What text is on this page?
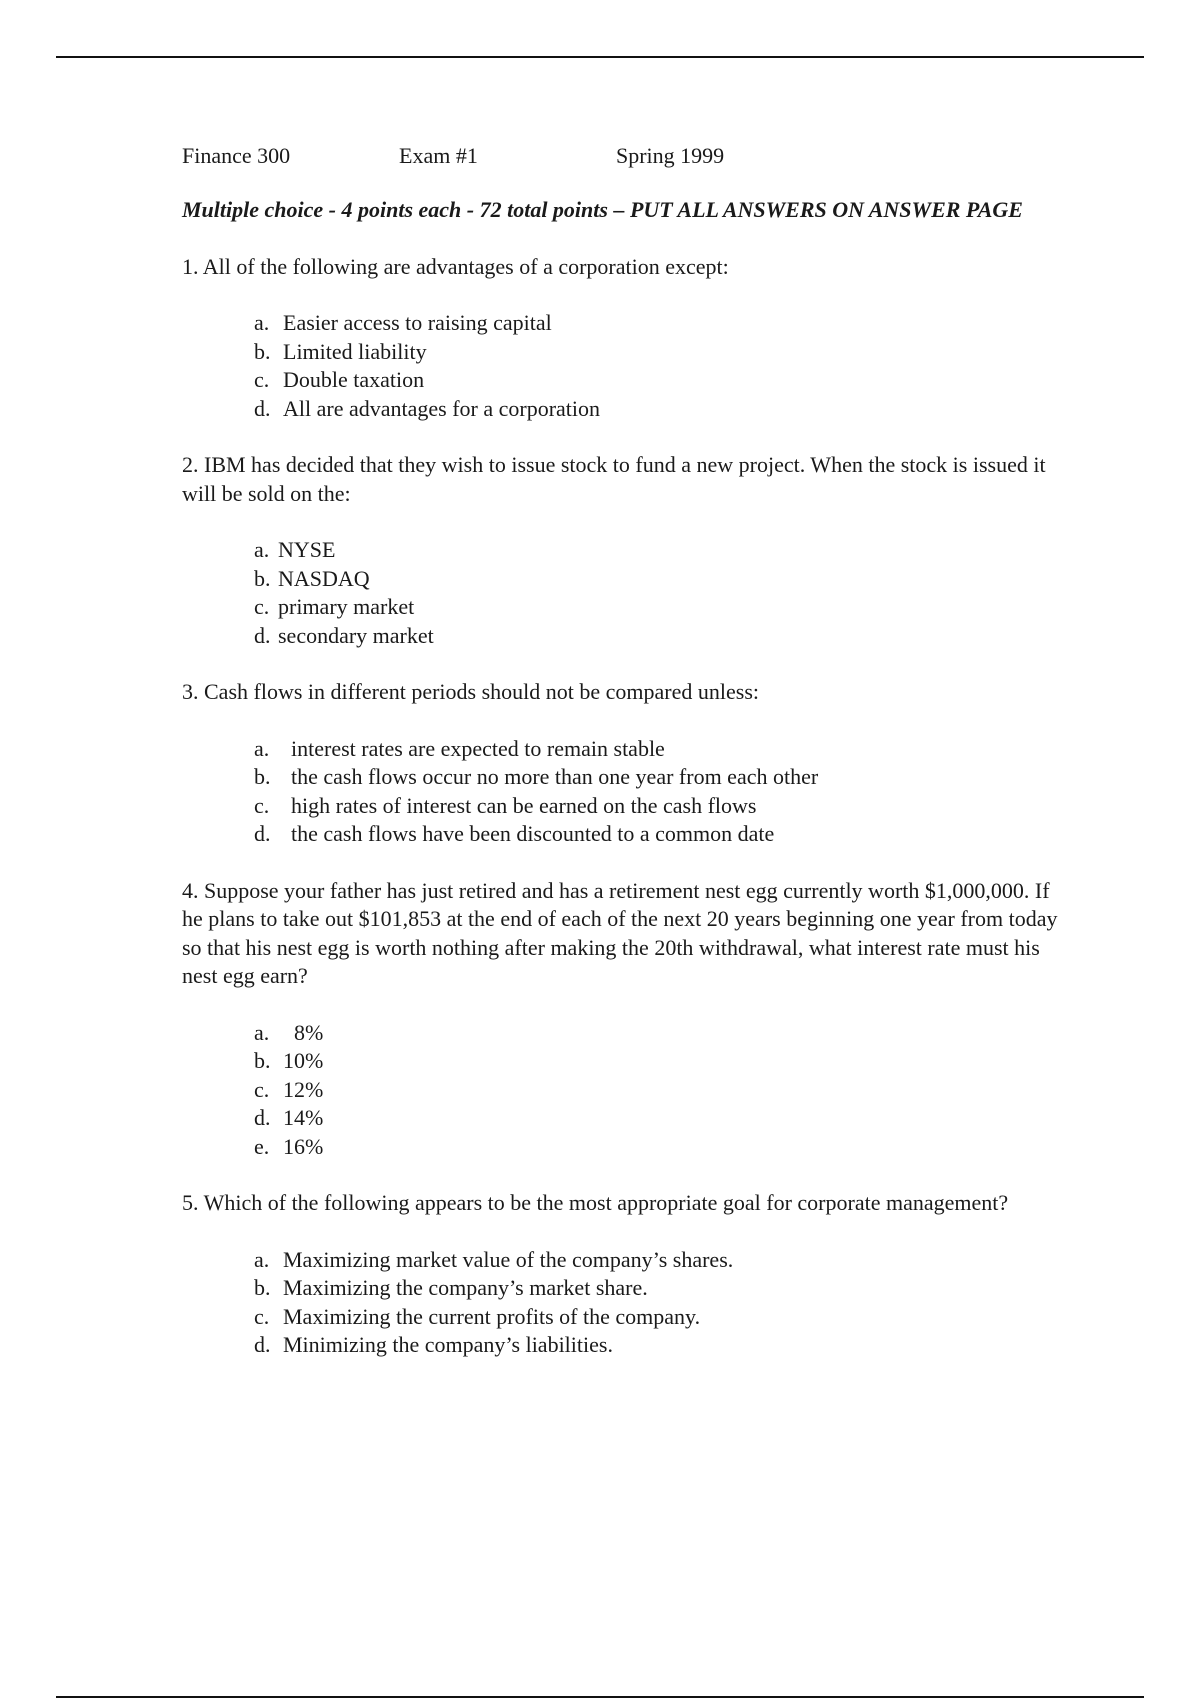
Finance 300	Exam #1	Spring 1999
Multiple choice - 4 points each - 72 total points – PUT ALL ANSWERS ON ANSWER PAGE
1. All of the following are advantages of a corporation except:
a. Easier access to raising capital
b. Limited liability
c. Double taxation
d. All are advantages for a corporation
2. IBM has decided that they wish to issue stock to fund a new project. When the stock is issued it will be sold on the:
a. NYSE
b. NASDAQ
c. primary market
d. secondary market
3. Cash flows in different periods should not be compared unless:
a. interest rates are expected to remain stable
b. the cash flows occur no more than one year from each other
c. high rates of interest can be earned on the cash flows
d. the cash flows have been discounted to a common date
4. Suppose your father has just retired and has a retirement nest egg currently worth $1,000,000. If he plans to take out $101,853 at the end of each of the next 20 years beginning one year from today so that his nest egg is worth nothing after making the 20th withdrawal, what interest rate must his nest egg earn?
a.  8%
b. 10%
c. 12%
d. 14%
e. 16%
5. Which of the following appears to be the most appropriate goal for corporate management?
a. Maximizing market value of the company’s shares.
b. Maximizing the company’s market share.
c. Maximizing the current profits of the company.
d. Minimizing the company’s liabilities.
